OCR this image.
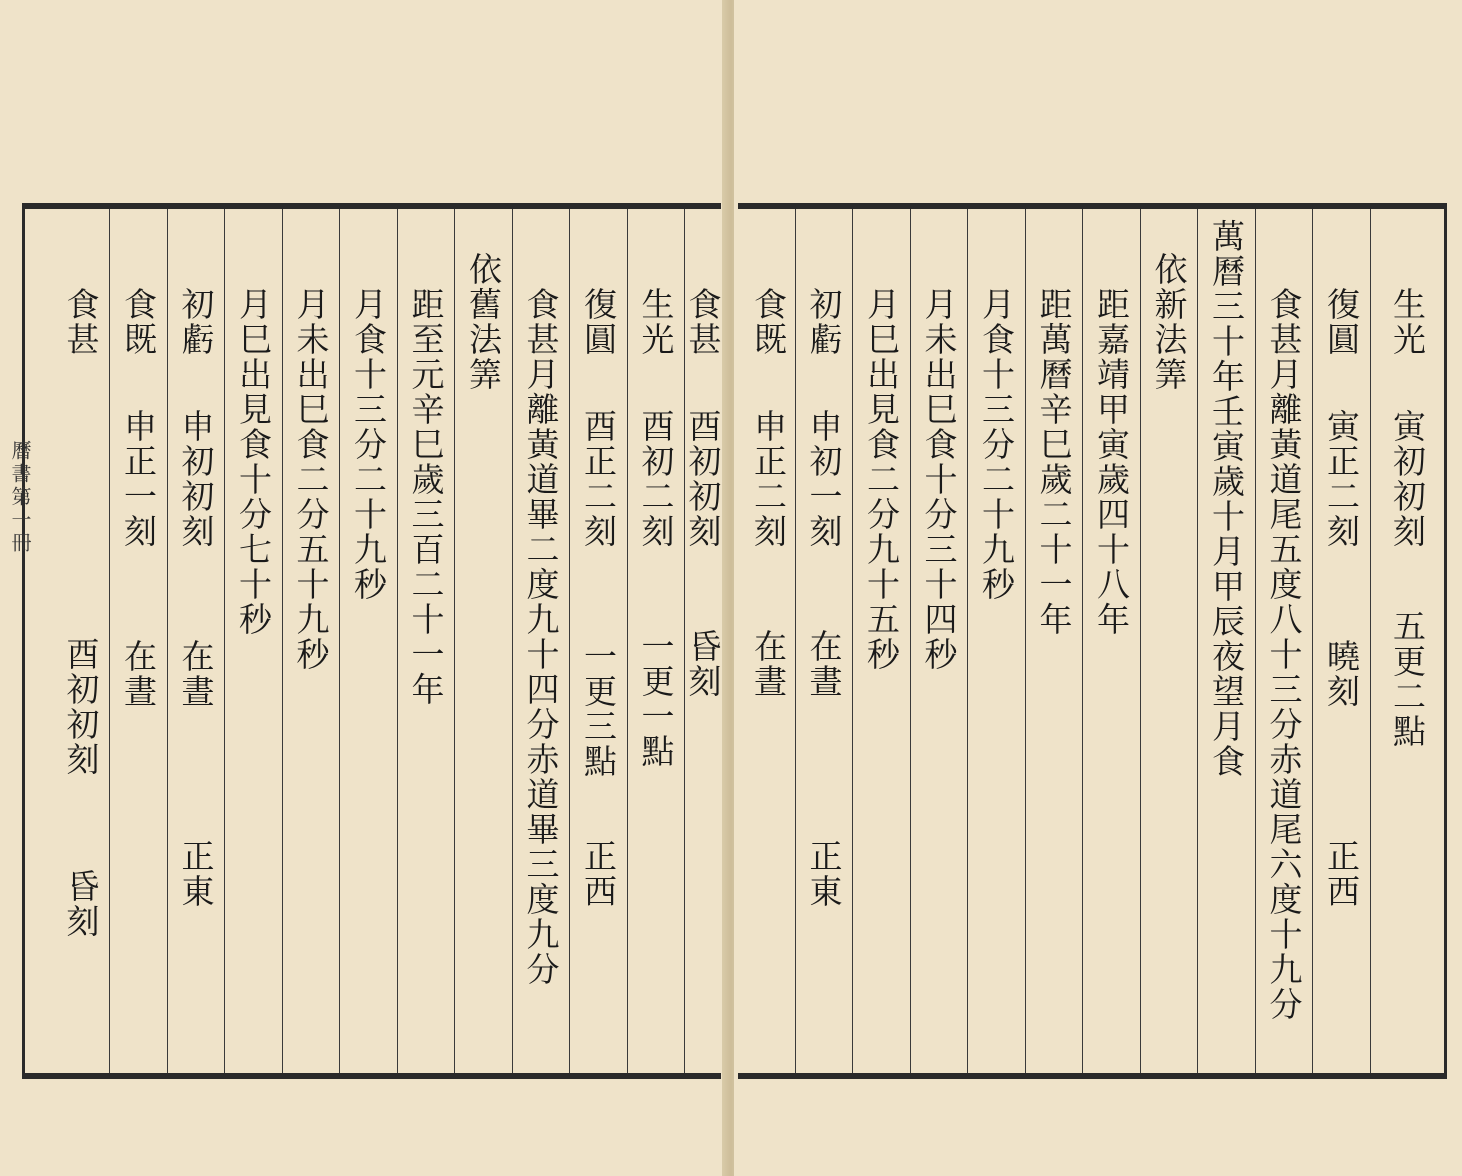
食甚
酉初初刻
昏刻
食既
申正一刻
在晝
初虧
申初初刻
在晝
正東
月巳出見食十分七十秒 月未出巳食二分五十九秒 月食十三分二十九秒 距至元辛巳歲三百二十一年 依舊法筭 食甚月離黃道畢二度九十四分赤道畢三度九分 復圓
酉正二刻
一更三點
正西
生光
酉初二刻
一更一點
食甚
酉初初刻
昏刻
曆書第一冊
食既
申正二刻
在晝
初虧
申初一刻
在晝
正東
月巳出見食二分九十五秒 月未出巳食十分三十四秒 月食十三分二十九秒 距萬曆辛巳歲二十一年 距嘉靖甲寅歲四十八年 依新法筭 萬曆三十年壬寅歲十月甲辰夜望月食 食甚月離黃道尾五度八十三分赤道尾六度十九分 復圓
寅正二刻
曉刻
正西
生光
寅初初刻
五更二點
